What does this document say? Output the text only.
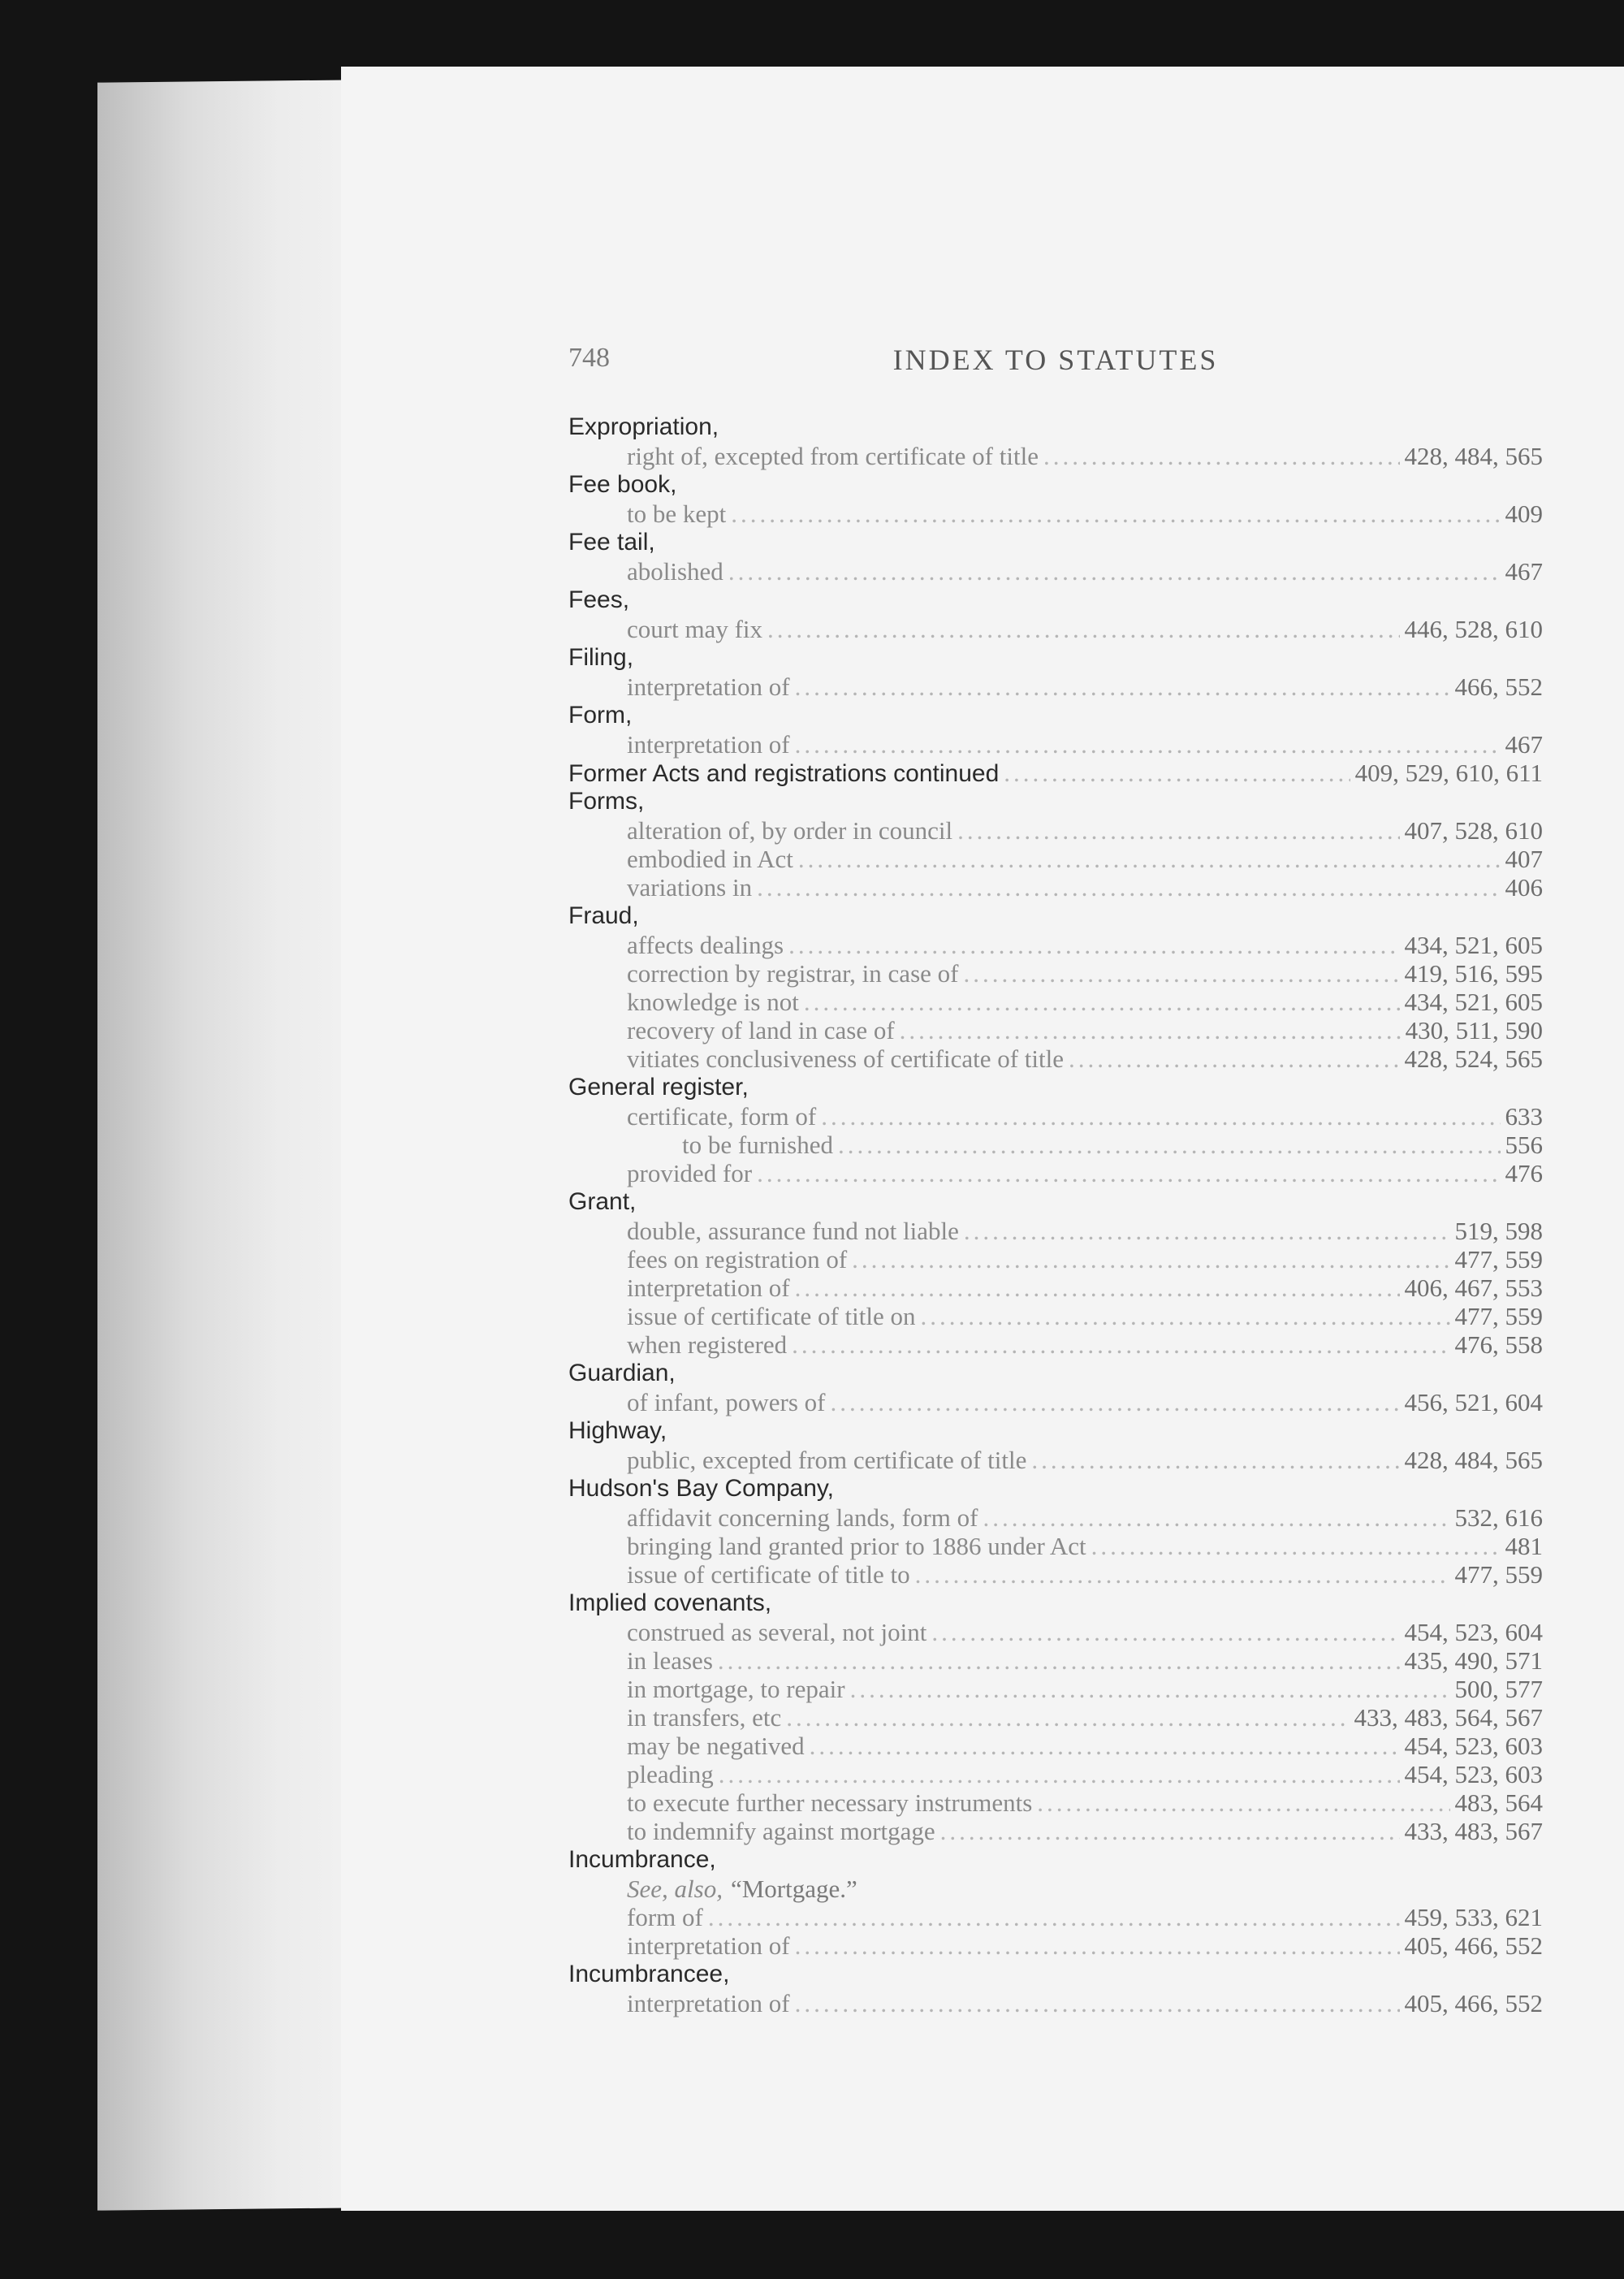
748	INDEX TO STATUTES
Expropriation,
right of, excepted from certificate of title .....	428, 484, 565
Fee book,
to be kept .....	409
Fee tail,
abolished .....	467
Fees,
court may fix .....	446, 528, 610
Filing,
interpretation of .....	466, 552
Form,
interpretation of .....	467
Former Acts and registrations continued .....	409, 529, 610, 611
Forms,
alteration of, by order in council .....	407, 528, 610
embodied in Act .....	407
variations in .....	406
Fraud,
affects dealings .....	434, 521, 605
correction by registrar, in case of .....	419, 516, 595
knowledge is not .....	434, 521, 605
recovery of land in case of .....	430, 511, 590
vitiates conclusiveness of certificate of title .....	428, 524, 565
General register,
certificate, form of .....	633
to be furnished .....	556
provided for .....	476
Grant,
double, assurance fund not liable .....	519, 598
fees on registration of .....	477, 559
interpretation of .....	406, 467, 553
issue of certificate of title on .....	477, 559
when registered .....	476, 558
Guardian,
of infant, powers of .....	456, 521, 604
Highway,
public, excepted from certificate of title .....	428, 484, 565
Hudson's Bay Company,
affidavit concerning lands, form of .....	532, 616
bringing land granted prior to 1886 under Act .....	481
issue of certificate of title to .....	477, 559
Implied covenants,
construed as several, not joint .....	454, 523, 604
in leases .....	435, 490, 571
in mortgage, to repair .....	500, 577
in transfers, etc .....	433, 483, 564, 567
may be negatived .....	454, 523, 603
pleading .....	454, 523, 603
to execute further necessary instruments .....	483, 564
to indemnify against mortgage .....	433, 483, 567
Incumbrance,
See, also, “Mortgage.”
form of .....	459, 533, 621
interpretation of .....	405, 466, 552
Incumbrancee,
interpretation of .....	405, 466, 552
